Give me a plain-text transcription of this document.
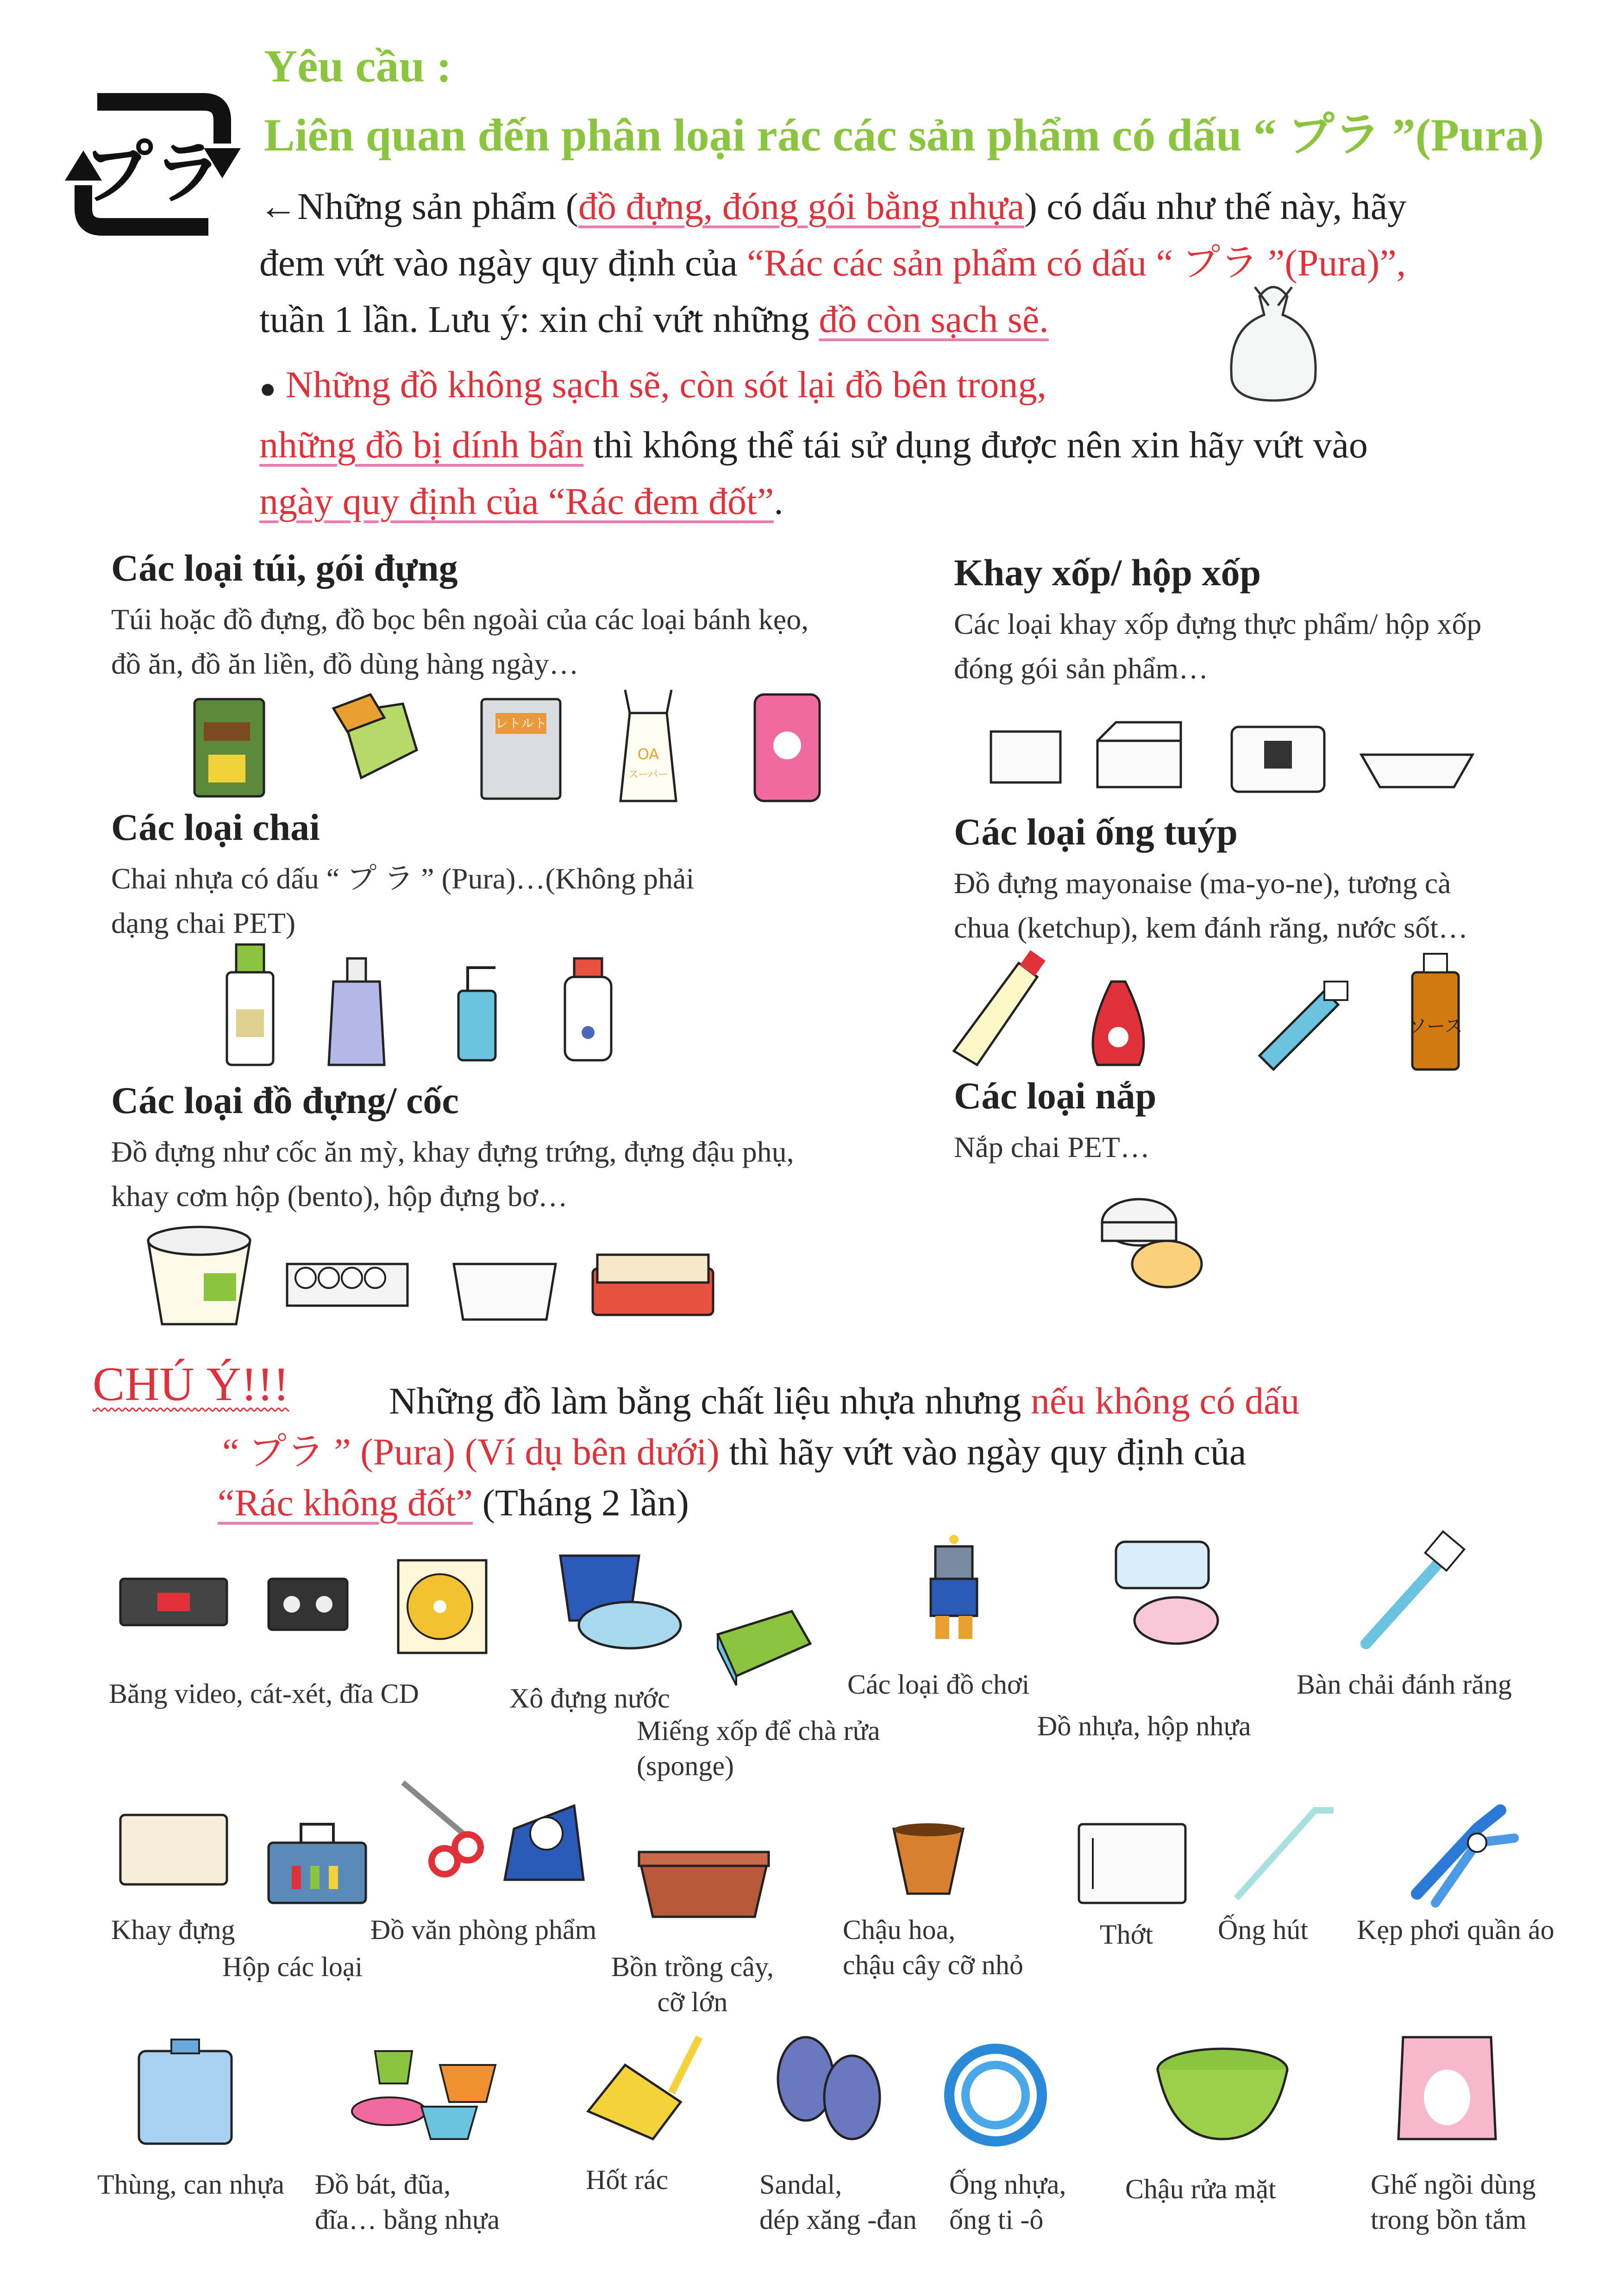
プラ
Yêu cầu :
Liên quan đến phân loại rác các sản phẩm có dấu “ プラ ”(Pura)
←Những sản phẩm (đồ đựng, đóng gói bằng nhựa) có dấu như thế này, hãy
đem vứt vào ngày quy định của “Rác các sản phẩm có dấu “ プラ ”(Pura)”,
tuần 1 lần. Lưu ý: xin chỉ vứt những đồ còn sạch sẽ.
● Những đồ không sạch sẽ, còn sót lại đồ bên trong,
những đồ bị dính bẩn thì không thể tái sử dụng được nên xin hãy vứt vào
ngày quy định của “Rác đem đốt”.
Các loại túi, gói đựng
Túi hoặc đồ đựng, đồ bọc bên ngoài của các loại bánh kẹo,
đồ ăn, đồ ăn liền, đồ dùng hàng ngày…
レトルト
OA
スーパー
Các loại chai
Chai nhựa có dấu “ プ ラ ” (Pura)…(Không phải
dạng chai PET)
Các loại đồ đựng/ cốc
Đồ đựng như cốc ăn mỳ, khay đựng trứng, đựng đậu phụ,
khay cơm hộp (bento), hộp đựng bơ…
Khay xốp/ hộp xốp
Các loại khay xốp đựng thực phẩm/ hộp xốp
đóng gói sản phẩm…
Các loại ống tuýp
Đồ đựng mayonaise (ma-yo-ne), tương cà
chua (ketchup), kem đánh răng, nước sốt…
ソース
Các loại nắp
Nắp chai PET…
CHÚ Ý!!!	Những đồ làm bằng chất liệu nhựa nhưng nếu không có dấu
“ プラ ” (Pura) (Ví dụ bên dưới) thì hãy vứt vào ngày quy định của
“Rác không đốt” (Tháng 2 lần)
Băng video, cát-xét, đĩa CD	Xô đựng nước
Miếng xốp để chà rửa
(sponge)
Các loại đồ chơi
Đồ nhựa, hộp nhựa
Bàn chải đánh răng
Khay đựng
Hộp các loại
Đồ văn phòng phẩm
Bồn trồng cây,
cỡ lớn
Chậu hoa,
chậu cây cỡ nhỏ
Thớt Ống hút Kẹp phơi quần áo
Thùng, can nhựa Đồ bát, đũa,
đĩa… bằng nhựa
Hốt rác	Sandal,
dép xăng -đan
Ống nhựa,
ống ti -ô
Chậu rửa mặt	Ghế ngồi dùng
trong bồn tắm
